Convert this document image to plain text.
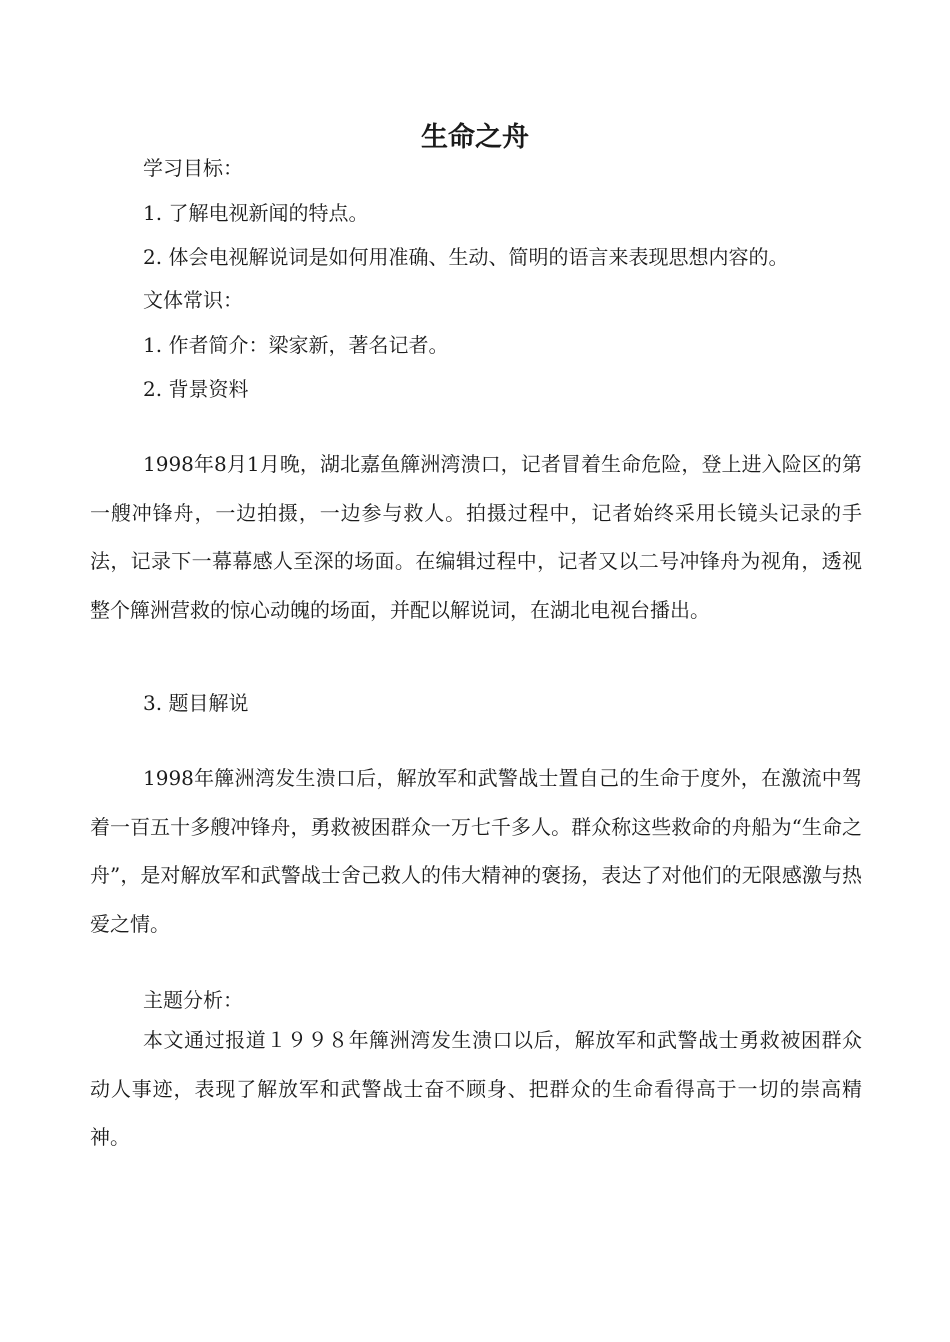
生命之舟
学习目标：
1. 了解电视新闻的特点。
2. 体会电视解说词是如何用准确、生动、简明的语言来表现思想内容的。
文体常识：
1. 作者简介：梁家新，著名记者。
2. 背景资料
1998年8月1月晚，湖北嘉鱼簰洲湾溃口，记者冒着生命危险，登上进入险区的第一艘冲锋舟，一边拍摄，一边参与救人。拍摄过程中，记者始终采用长镜头记录的手法，记录下一幕幕感人至深的场面。在编辑过程中，记者又以二号冲锋舟为视角，透视整个簰洲营救的惊心动魄的场面，并配以解说词，在湖北电视台播出。
3. 题目解说
1998年簰洲湾发生溃口后，解放军和武警战士置自己的生命于度外，在激流中驾着一百五十多艘冲锋舟，勇救被困群众一万七千多人。群众称这些救命的舟船为“生命之舟”，是对解放军和武警战士舍己救人的伟大精神的褒扬，表达了对他们的无限感激与热爱之情。
主题分析：
本文通过报道１９９８年簰洲湾发生溃口以后，解放军和武警战士勇救被困群众动人事迹，表现了解放军和武警战士奋不顾身、把群众的生命看得高于一切的崇高精神。
